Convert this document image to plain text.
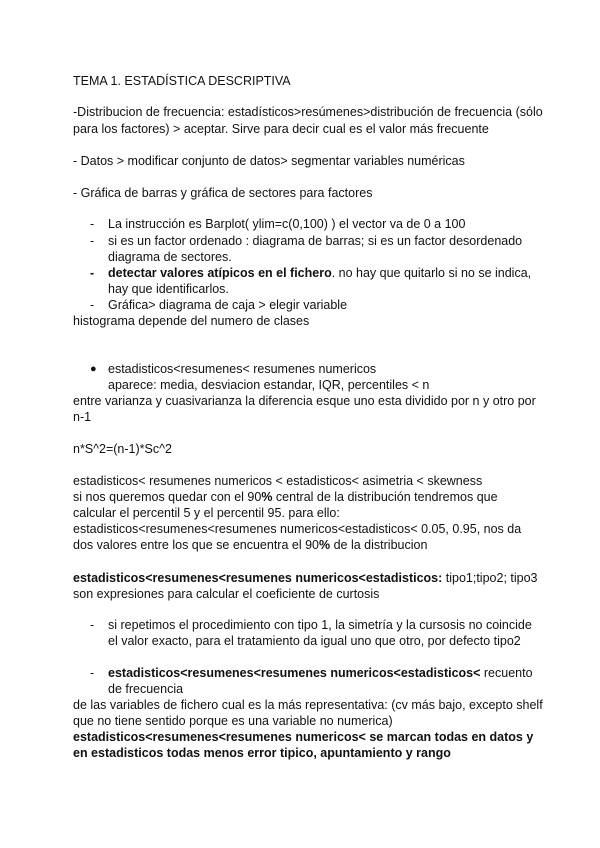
TEMA 1. ESTADÍSTICA DESCRIPTIVA
-Distribucion de frecuencia: estadísticos>resúmenes>distribución de frecuencia (sólo
para los factores) > aceptar. Sirve para decir cual es el valor más frecuente
- Datos > modificar conjunto de datos> segmentar variables numéricas
- Gráfica de barras y gráfica de sectores para factores
- La instrucción es Barplot( ylim=c(0,100) ) el vector va de 0 a 100
- si es un factor ordenado : diagrama de barras; si es un factor desordenado
diagrama de sectores.
- detectar valores atípicos en el fichero. no hay que quitarlo si no se indica,
hay que identificarlos.
- Gráfica> diagrama de caja > elegir variable
histograma depende del numero de clases
● estadisticos<resumenes< resumenes numericos
aparece: media, desviacion estandar, IQR, percentiles < n
entre varianza y cuasivarianza la diferencia esque uno esta dividido por n y otro por
n-1
n*S^2=(n-1)*Sc^2
estadisticos< resumenes numericos < estadisticos< asimetria < skewness
si nos queremos quedar con el 90% central de la distribución tendremos que
calcular el percentil 5 y el percentil 95. para ello:
estadisticos<resumenes<resumenes numericos<estadisticos< 0.05, 0.95, nos da
dos valores entre los que se encuentra el 90% de la distribucion
estadisticos<resumenes<resumenes numericos<estadisticos: tipo1;tipo2; tipo3
son expresiones para calcular el coeficiente de curtosis
- si repetimos el procedimiento con tipo 1, la simetría y la cursosis no coincide
el valor exacto, para el tratamiento da igual uno que otro, por defecto tipo2
- estadisticos<resumenes<resumenes numericos<estadisticos< recuento
de frecuencia
de las variables de fichero cual es la más representativa: (cv más bajo, excepto shelf
que no tiene sentido porque es una variable no numerica)
estadisticos<resumenes<resumenes numericos< se marcan todas en datos y
en estadisticos todas menos error tipico, apuntamiento y rango
